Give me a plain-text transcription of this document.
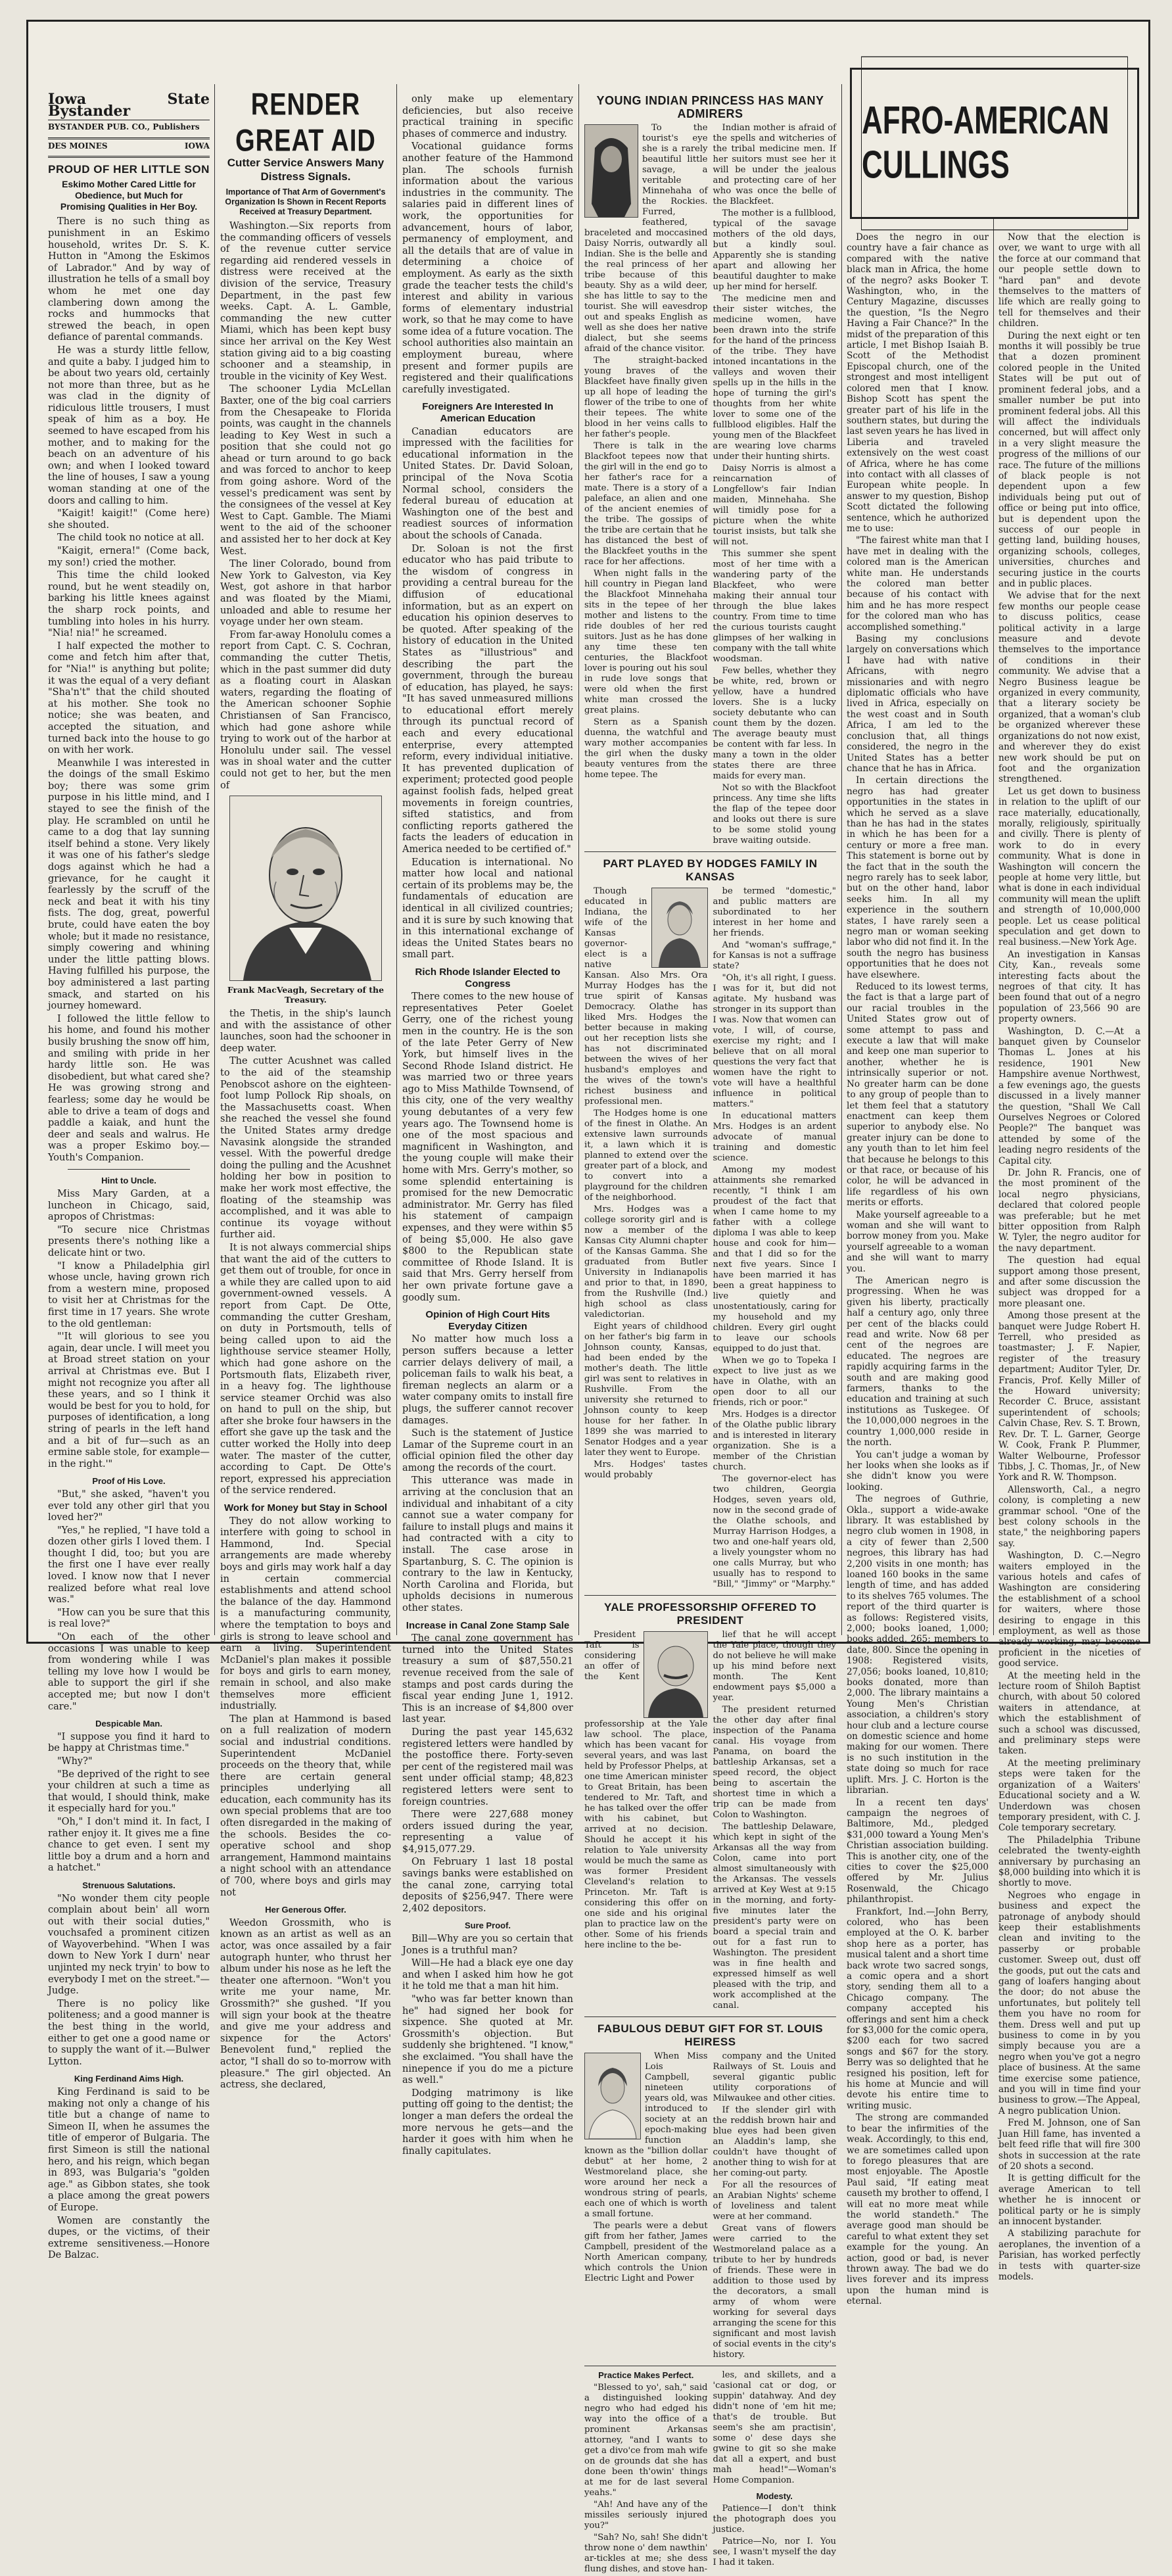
Iowa State Bystander
BYSTANDER PUB. CO., Publishers
DES MOINES	IOWA
PROUD OF HER LITTLE SON
Eskimo Mother Cared Little for Obedience, but Much for Promising Qualities in Her Boy.

There is no such thing as punishment in an Eskimo household, writes Dr. S. K. Hutton in "Among the Eskimos of Labrador." And by way of illustration he tells of a small boy whom he met one day clambering down among the rocks and hummocks that strewed the beach, in open defiance of parental commands.

He was a sturdy little fellow, and quite a baby. I judged him to be about two years old, certainly not more than three, but as he was clad in the dignity of ridiculous little trousers, I must speak of him as a boy. He seemed to have escaped from his mother, and to making for the beach on an adventure of his own; and when I looked toward the line of houses, I saw a young woman standing at one of the doors and calling to him.

"Kaigit! kaigit!" (Come here) she shouted.

The child took no notice at all.

"Kaigit, ernera!" (Come back, my son!) cried the mother.

This time the child looked round, but he went steadily on, barking his little knees against the sharp rock points, and tumbling into holes in his hurry. "Nia! nia!" he screamed.

I half expected the mother to come and fetch him after that, for "Nia!" is anything but polite; it was the equal of a very defiant "Sha'n't" that the child shouted at his mother. She took no notice; she was beaten, and accepted the situation, and turned back into the house to go on with her work.

Meanwhile I was interested in the doings of the small Eskimo boy; there was some grim purpose in his little mind, and I stayed to see the finish of the play. He scrambled on until he came to a dog that lay sunning itself behind a stone. Very likely it was one of his father's sledge dogs against which he had a grievance, for he caught it fearlessly by the scruff of the neck and beat it with his tiny fists. The dog, great, powerful brute, could have eaten the boy whole; but it made no resistance, simply cowering and whining under the little patting blows. Having fulfilled his purpose, the boy administered a last parting smack, and started on his journey homeward.

I followed the little fellow to his home, and found his mother busily brushing the snow off him, and smiling with pride in her hardy little son. He was disobedient, but what cared she? He was growing strong and fearless; some day he would be able to drive a team of dogs and paddle a kaiak, and hunt the deer and seals and walrus. He was a proper Eskimo boy.—Youth's Companion.

Hint to Uncle.

Miss Mary Garden, at a luncheon in Chicago, said, apropos of Christmas:

"To secure nice Christmas presents there's nothing like a delicate hint or two.

"I know a Philadelphia girl whose uncle, having grown rich from a western mine, proposed to visit her at Christmas for the first time in 17 years. She wrote to the old gentleman:

"'It will glorious to see you again, dear uncle. I will meet you at Broad street station on your arrival at Christmas eve. But I might not recognize you after all these years, and so I think it would be best for you to hold, for purposes of identification, a long string of pearls in the left hand and a bit of fur—such as an ermine sable stole, for example—in the right.'"

Proof of His Love.

"But," she asked, "haven't you ever told any other girl that you loved her?"

"Yes," he replied, "I have told a dozen other girls I loved them. I thought I did, too; but you are the first one I have ever really loved. I know now that I never realized before what real love was."

"How can you be sure that this is real love?"

"On each of the other occasions I was unable to keep from wondering while I was telling my love how I would be able to support the girl if she accepted me; but now I don't care."

Despicable Man.

"I suppose you find it hard to be happy at Christmas time."

"Why?"

"Be deprived of the right to see your children at such a time as that would, I should think, make it especially hard for you."

"Oh," I don't mind it. In fact, I rather enjoy it. It gives me a fine chance to get even. I sent my little boy a drum and a horn and a hatchet."

Strenuous Salutations.

"No wonder them city people complain about bein' all worn out with their social duties," vouchsafed a prominent citizen of Wayoverbehind. "When I was down to New York I durn' near unjinted my neck tryin' to bow to everybody I met on the street."—Judge.

There is no policy like politeness; and a good manner is the best thing in the world, either to get one a good name or to supply the want of it.—Bulwer Lytton.

King Ferdinand Aims High.

King Ferdinand is said to be making not only a change of his title but a change of name to Simeon II, when he assumes the title of emperor of Bulgaria. The first Simeon is still the national hero, and his reign, which began in 893, was Bulgaria's "golden age." as Gibbon states, she took a place among the great powers of Europe.

Women are constantly the dupes, or the victims, of their extreme sensitiveness.—Honore De Balzac.

RENDER GREAT AID
Cutter Service Answers Many Distress Signals.
Importance of That Arm of Government's Organization Is Shown in Recent Reports Received at Treasury Department.

Washington.—Six reports from the commanding officers of vessels of the revenue cutter service regarding aid rendered vessels in distress were received at the division of the service, Treasury Department, in the past few weeks. Capt. A. L. Gamble, commanding the new cutter Miami, which has been kept busy since her arrival on the Key West station giving aid to a big coasting schooner and a steamship, in trouble in the vicinity of Key West.

The schooner Lydia McLellan Baxter, one of the big coal carriers from the Chesapeake to Florida points, was caught in the channels leading to Key West in such a position that she could not go ahead or turn around to go back and was forced to anchor to keep from going ashore. Word of the vessel's predicament was sent by the consignees of the vessel at Key West to Capt. Gamble. The Miami went to the aid of the schooner and assisted her to her dock at Key West.

The liner Colorado, bound from New York to Galveston, via Key West, got ashore in that harbor and was floated by the Miami, unloaded and able to resume her voyage under her own steam.

From far-away Honolulu comes a report from Capt. C. S. Cochran, commanding the cutter Thetis, which in the past summer did duty as a floating court in Alaskan waters, regarding the floating of the American schooner Sophie Christiansen of San Francisco, which had gone ashore while trying to work out of the harbor at Honolulu under sail. The vessel was in shoal water and the cutter could not get to her, but the men of

Frank MacVeagh, Secretary of the Treasury.

the Thetis, in the ship's launch and with the assistance of other launches, soon had the schooner in deep water.

The cutter Acushnet was called to the aid of the steamship Penobscot ashore on the eighteen-foot lump Pollock Rip shoals, on the Massachusetts coast. When she reached the vessel she found the United States army dredge Navasink alongside the stranded vessel. With the powerful dredge doing the pulling and the Acushnet holding her bow in position to make her work most effective, the floating of the steamship was accomplished, and it was able to continue its voyage without further aid.

It is not always commercial ships that want the aid of the cutters to get them out of trouble, for once in a while they are called upon to aid government-owned vessels. A report from Capt. De Otte, commanding the cutter Gresham, on duty in Portsmouth, tells of being called upon to aid the lighthouse service steamer Holly, which had gone ashore on the Portsmouth flats, Elizabeth river, in a heavy fog. The lighthouse service steamer Orchid was also on hand to pull on the ship, but after she broke four hawsers in the effort she gave up the task and the cutter worked the Holly into deep water. The master of the cutter, according to Capt. De Otte's report, expressed his appreciation of the service rendered.

Work for Money but Stay in School

They do not allow working to interfere with going to school in Hammond, Ind. Special arrangements are made whereby boys and girls may work half a day in certain commercial establishments and attend school the balance of the day. Hammond is a manufacturing community, where the temptation to boys and girls is strong to leave school and earn a living. Superintendent McDaniel's plan makes it possible for boys and girls to earn money, remain in school, and also make themselves more efficient industrially.

The plan at Hammond is based on a full realization of modern social and industrial conditions. Superintendent McDaniel proceeds on the theory that, while there are certain general principles underlying all education, each community has its own special problems that are too often disregarded in the making of the schools. Besides the co-operative school and shop arrangement, Hammond maintains a night school with an attendance of 700, where boys and girls may not

Her Generous Offer.

Weedon Grossmith, who is known as an artist as well as an actor, was once assailed by a fair autograph hunter, who thrust her album under his nose as he left the theater one afternoon. "Won't you write me your name, Mr. Grossmith?" she gushed. "If you will sign your book at the theatre and give me your address and sixpence for the Actors' Benevolent fund," replied the actor, "I shall do so to-morrow with pleasure." The girl objected. An actress, she declared,

only make up elementary deficiencies, but also receive practical training in specific phases of commerce and industry.

Vocational guidance forms another feature of the Hammond plan. The schools furnish information about the various industries in the community. The salaries paid in different lines of work, the opportunities for advancement, hours of labor, permanency of employment, and all the details that are of value in determining a choice of employment. As early as the sixth grade the teacher tests the child's interest and ability in various forms of elementary industrial work, so that he may come to have some idea of a future vocation. The school authorities also maintain an employment bureau, where present and former pupils are registered and their qualifications carefully investigated.

Foreigners Are Interested In American Education

Canadian educators are impressed with the facilities for educational information in the United States. Dr. David Soloan, principal of the Nova Scotia Normal school, considers the federal bureau of education at Washington one of the best and readiest sources of information about the schools of Canada.

Dr. Soloan is not the first educator who has paid tribute to the wisdom of congress in providing a central bureau for the diffusion of educational information, but as an expert on education his opinion deserves to be quoted. After speaking of the history of education in the United States as "illustrious" and describing the part the government, through the bureau of education, has played, he says: "It has saved unmeasured millions to educational effort merely through its punctual record of each and every educational enterprise, every attempted reform, every individual initiative. It has prevented duplication of experiment; protected good people against foolish fads, helped great movements in foreign countries, sifted statistics, and from conflicting reports gathered the facts the leaders of education in America needed to be certified of."

Education is international. No matter how local and national certain of its problems may be, the fundamentals of education are identical in all civilized countries; and it is sure by such knowing that in this international exchange of ideas the United States bears no small part.

Rich Rhode Islander Elected to Congress

There comes to the new house of representatives Peter Goelet Gerry, one of the richest young men in the country. He is the son of the late Peter Gerry of New York, but himself lives in the Second Rhode Island district. He was married two or three years ago to Miss Mathilde Townsend, of this city, one of the very wealthy young debutantes of a very few years ago. The Townsend home is one of the most spacious and magnificent in Washington, and the young couple will make their home with Mrs. Gerry's mother, so some splendid entertaining is promised for the new Democratic administrator. Mr. Gerry has filed his statement of campaign expenses, and they were within $5 of being $5,000. He also gave $800 to the Republican state committee of Rhode Island. It is said that Mrs. Gerry herself from her own private fortune gave a goodly sum.

Opinion of High Court Hits Everyday Citizen

No matter how much loss a person suffers because a letter carrier delays delivery of mail, a policeman fails to walk his beat, a fireman neglects an alarm or a water company omits to install fire plugs, the sufferer cannot recover damages.

Such is the statement of Justice Lamar of the Supreme court in an official opinion filed the other day among the records of the court.

This utterance was made in arriving at the conclusion that an individual and inhabitant of a city cannot sue a water company for failure to install plugs and mains it had contracted with a city to install. The case arose in Spartanburg, S. C. The opinion is contrary to the law in Kentucky, North Carolina and Florida, but upholds decisions in numerous other states.

Increase in Canal Zone Stamp Sale

The canal zone government has turned into the United States treasury a sum of $87,550.21 revenue received from the sale of stamps and post cards during the fiscal year ending June 1, 1912. This is an increase of $4,800 over last year.

During the past year 145,632 registered letters were handled by the postoffice there. Forty-seven per cent of the registered mail was sent under official stamp; 48,823 registered letters were sent to foreign countries.

There were 227,688 money orders issued during the year, representing a value of $4,915,077.29.

On February 1 last 18 postal savings banks were established on the canal zone, carrying total deposits of $256,947. There were 2,402 depositors.

Sure Proof.

Bill—Why are you so certain that Jones is a truthful man?

Will—He had a black eye one day and when I asked him how he got it he told me that a man hit him.

"who was far better known than he" had signed her book for sixpence. She quoted at Mr. Grossmith's objection. But suddenly she brightened. "I know," she exclaimed. "You shall have the ninepence if you do me a picture as well."

Dodging matrimony is like putting off going to the dentist; the longer a man defers the ordeal the more nervous he gets—and the harder it goes with him when he finally capitulates.

YOUNG INDIAN PRINCESS HAS MANY ADMIRERS

To the tourist's eye she is a rarely beautiful little savage, a veritable Minnehaha of the Rockies. Furred, feathered, braceleted and moccasined Daisy Norris, outwardly all Indian. She is the belle and the real princess of her tribe because of this beauty. Shy as a wild deer, she has little to say to the tourist. She will eavesdrop out and speaks English as well as she does her native dialect, but she seems afraid of the chance visitor.

The straight-backed young braves of the Blackfeet have finally given up all hope of leading the flower of the tribe to one of their tepees. The white blood in her veins calls to her father's people.

There is talk in the Blackfoot tepees now that the girl will in the end go to her father's race for a mate. There is a story of a paleface, an alien and one of the ancient enemies of the tribe. The gossips of the tribe are certain that he has distanced the best of the Blackfeet youths in the race for her affections.

When night falls in the hill country in Piegan land the Blackfoot Minnehaha sits in the tepee of her mother and listens to the ride doubles of her red suitors. Just as he has done any time these ten centuries, the Blackfoot lover is pouring out his soul in rude love songs that were old when the first white man crossed the great plains.

Stern as a Spanish duenna, the watchful and wary mother accompanies the girl when the dusky beauty ventures from the home tepee. The

Indian mother is afraid of the spells and witcheries of the tribal medicine men. If her suitors must see her it will be under the jealous and protecting care of her who was once the belle of the Blackfeet.

The mother is a fullblood, typical of the savage mothers of the old days, but a kindly soul. Apparently she is standing apart and allowing her beautiful daughter to make up her mind for herself.

The medicine men and their sister witches, the medicine women, have been drawn into the strife for the hand of the princess of the tribe. They have intoned incantations in the valleys and woven their spells up in the hills in the hope of turning the girl's thoughts from her white lover to some one of the fullblood eligibles. Half the young men of the Blackfeet are wearing love charms under their hunting shirts.

Daisy Norris is almost a reincarnation of Longfellow's fair Indian maiden, Minnehaha. She will timidly pose for a picture when the white tourist insists, but talk she will not.

This summer she spent most of her time with a wandering party of the Blackfeet, who were making their annual tour through the blue lakes country. From time to time the curious tourists caught glimpses of her walking in company with the tall white woodsman.

Few belles, whether they be white, red, brown or yellow, have a hundred lovers. She is a lucky society debutante who can count them by the dozen. The average beauty must be content with far less. In many a town in the older states there are three maids for every man.

Not so with the Blackfoot princess. Any time she lifts the flap of the tepee door and looks out there is sure to be some stolid young brave waiting outside.

PART PLAYED BY HODGES FAMILY IN KANSAS

Though educated in Indiana, the wife of the Kansas governor-elect is a native Kansan. Also Mrs. Ora Murray Hodges has the true spirit of Kansas Democracy. Olathe has liked Mrs. Hodges the better because in making out her reception lists she has not discriminated between the wives of her husband's employes and the wives of the town's richest business and professional men.

The Hodges home is one of the finest in Olathe. An extensive lawn surrounds it, a lawn which it is planned to extend over the greater part of a block, and to convert into a playground for the children of the neighborhood.

Mrs. Hodges was a college sorority girl and is now a member of the Kansas City Alumni chapter of the Kansas Gamma. She graduated from Butler University in Indianapolis and prior to that, in 1890, from the Rushville (Ind.) high school as class valedictorian.

Eight years of childhood on her father's big farm in Johnson county, Kansas, had been ended by the mother's death. The little girl was sent to relatives in Rushville. From the university she returned to Johnson county to keep house for her father. In 1899 she was married to Senator Hodges and a year later they went to Europe.

Mrs. Hodges' tastes would probably

be termed "domestic," and public matters are subordinated to her interest in her home and her friends.

And "woman's suffrage," for Kansas is not a suffrage state?

"Oh, it's all right, I guess. I was for it, but did not agitate. My husband was stronger in its support than I was. Now that women can vote, I will, of course, exercise my right; and I believe that on all moral questions the very fact that women have the right to vote will have a healthful influence in political matters."

In educational matters Mrs. Hodges is an ardent advocate of manual training and domestic science.

Among my modest attainments she remarked recently, "I think I am proudest of the fact that when I came home to my father with a college diploma I was able to keep house and cook for him—and that I did so for the next five years. Since I have been married it has been a great happiness to live quietly and unostentatiously, caring for my household and my children. Every girl ought to leave our schools equipped to do just that.

When we go to Topeka I expect to live just as we have in Olathe, with an open door to all our friends, rich or poor."

Mrs. Hodges is a director of the Olathe public library and is interested in literary organization. She is a member of the Christian church.

The governor-elect has two children, Georgia Hodges, seven years old, now in the second grade of the Olathe schools, and Murray Harrison Hodges, a two and one-half years old, a lively youngster whom no one calls Murray, but who usually has to respond to "Bill," "Jimmy" or "Marphy."

YALE PROFESSORSHIP OFFERED TO PRESIDENT

President Taft is considering an offer of the Kent professorship at the Yale law school. The place, which has been vacant for several years, and was last held by Professor Phelps, at one time American minister to Great Britain, has been tendered to Mr. Taft, and he has talked over the offer with his cabinet, but arrived at no decision. Should he accept it his relation to Yale university would be much the same as was former President Cleveland's relation to Princeton. Mr. Taft is considering this offer on one side and his original plan to practice law on the other. Some of his friends here incline to the be-

lief that he will accept the Yale place, though they do not believe he will make up his mind before next month. The Kent endowment pays $5,000 a year.

The president returned the other day after final inspection of the Panama canal. His voyage from Panama, on board the battleship Arkansas, set a speed record, the object being to ascertain the shortest time in which a trip can be made from Colon to Washington.

The battleship Delaware, which kept in sight of the Arkansas all the way from Colon, came into port almost simultaneously with the Arkansas. The vessels arrived at Key West at 9:15 in the morning, and forty-five minutes later the president's party were on board a special train and out for a fast run to Washington. The president was in fine health and expressed himself as well pleased with the trip, and work accomplished at the canal.

FABULOUS DEBUT GIFT FOR ST. LOUIS HEIRESS

When Miss Lois Campbell, nineteen years old, was introduced to society at an epoch-making function known as the "billion dollar debut" at her home, 2 Westmoreland place, she wore around her neck a wondrous string of pearls, each one of which is worth a small fortune.

The pearls were a debut gift from her father, James Campbell, president of the North American company, which controls the Union Electric Light and Power

company and the United Railways of St. Louis and several gigantic public utility corporations of Milwaukee and other cities.

If the slender girl with the reddish brown hair and blue eyes had been given an Aladdin's lamp, she couldn't have thought of another thing to wish for at her coming-out party.

For all the resources of an Arabian Nights' scheme of loveliness and talent were at her command.

Great vans of flowers were carried to the Westmoreland palace as a tribute to her by hundreds of friends. These were in addition to those used by the decorators, a small army of whom were working for several days arranging the scene for this significant and most lavish of social events in the city's history.

Practice Makes Perfect.

"Blessed to yo', sah," said a distinguished looking negro who had edged his way into the office of a prominent Arkansas attorney, "and I wants to get a divo'ce from mah wife on de grounds dat she has done been th'owin' things at me for de last several yeahs."

"Ah! And have any of the missiles seriously injured you?"

"Sah? No, sah! She didn't throw none o' dem nawthin' ar-tickles at me; she dess flung dishes, and stove han-

les, and skillets, and a 'casional cat or dog, or suppin' datahway. And dey didn't none of 'em hit me; that's de trouble. But seem's she am practisin', some o' dese days she gwine to git so she make dat all a expert, and bust mah head!"—Woman's Home Companion.

Modesty.

Patience—I don't think the photograph does you justice.

Patrice—No, nor I. You see, I wasn't myself the day I had it taken.

AFRO-AMERICAN CULLINGS

Does the negro in our country have a fair chance as compared with the native black man in Africa, the home of the negro? asks Booker T. Washington, who, in the Century Magazine, discusses the question, "Is the Negro Having a Fair Chance?" In the midst of the preparation of this article, I met Bishop Isaiah B. Scott of the Methodist Episcopal church, one of the strongest and most intelligent colored men that I know. Bishop Scott has spent the greater part of his life in the southern states, but during the last seven years he has lived in Liberia and traveled extensively on the west coast of Africa, where he has come into contact with all classes of European white people. In answer to my question, Bishop Scott dictated the following sentence, which he authorized me to use:

"The fairest white man that I have met in dealing with the colored man is the American white man. He understands the colored man better because of his contact with him and he has more respect for the colored man who has accomplished something."

Basing my conclusions largely on conversations which I have had with native Africans, with negro missionaries and with negro diplomatic officials who have lived in Africa, especially on the west coast and in South Africa, I am led to the conclusion that, all things considered, the negro in the United States has a better chance that he has in Africa.

In certain directions the negro has had greater opportunities in the states in which he served as a slave than he has had in the states in which he has been for a century or more a free man. This statement is borne out by the fact that in the south the negro rarely has to seek labor, but on the other hand, labor seeks him. In all my experience in the southern states, I have rarely seen a negro man or woman seeking labor who did not find it. In the south the negro has business opportunities that he does not have elsewhere.

Reduced to its lowest terms, the fact is that a large part of our racial troubles in the United States grow out of some attempt to pass and execute a law that will make and keep one man superior to another, whether he is intrinsically superior or not. No greater harm can be done to any group of people than to let them feel that a statutory enactment can keep them superior to anybody else. No greater injury can be done to any youth than to let him feel that because he belongs to this or that race, or because of his color, he will be advanced in life regardless of his own merits or efforts.

Make yourself agreeable to a woman and she will want to borrow money from you. Make yourself agreeable to a woman and she will want to marry you.

The American negro is progressing. When he was given his liberty, practically half a century ago, only three per cent of the blacks could read and write. Now 68 per cent of the negroes are educated. The negroes are rapidly acquiring farms in the south and are making good farmers, thanks to the education and training at such institutions as Tuskegee. Of the 10,000,000 negroes in the country 1,000,000 reside in the north.

You can't judge a woman by her looks when she looks as if she didn't know you were looking.

The negroes of Guthrie, Okla., support a wide-awake library. It was established by negro club women in 1908, in a city of fewer than 2,500 negroes, this library has had 2,200 visits in one month; has loaned 160 books in the same length of time, and has added to its shelves 765 volumes. The report of the third quarter is as follows: Registered visits, 2,000; books loaned, 1,000; books added, 265; members to date, 800. Since the opening in 1908: Registered visits, 27,056; books loaned, 10,810; books donated, more than 2,000. The library maintains a Young Men's Christian association, a children's story hour club and a lecture course on domestic science and home making for our women. There is no such institution in the state doing so much for race uplift. Mrs. J. C. Horton is the librarian.

In a recent ten days' campaign the negroes of Baltimore, Md., pledged $31,000 toward a Young Men's Christian association building. This is another city, one of the cities to cover the $25,000 offered by Mr. Julius Rosenwald, the Chicago philanthropist.

Frankfort, Ind.—John Berry, colored, who has been employed at the O. K. barber shop here as a porter, has musical talent and a short time back wrote two sacred songs, a comic opera and a short story, sending them all to a Chicago company. The company accepted his offerings and sent him a check for $3,000 for the comic opera, $200 each for two sacred songs and $67 for the story. Berry was so delighted that he resigned his position, left for his home at Muncie and will devote his entire time to writing music.

The strong are commanded to bear the infirmities of the weak. Accordingly, to this end, we are sometimes called upon to forego pleasures that are most enjoyable. The Apostle Paul said, "If eating meat causeth my brother to offend, I will eat no more meat while the world standeth." The average good man should be careful to what extent they set example for the young. An action, good or bad, is never thrown away. The bad we do lives forever and its impress upon the human mind is eternal.

Now that the election is over, we want to urge with all the force at our command that our people settle down to "hard pan" and devote themselves to the matters of life which are really going to tell for themselves and their children.

During the next eight or ten months it will possibly be true that a dozen prominent colored people in the United States will be put out of prominent federal jobs, and a smaller number be put into prominent federal jobs. All this will affect the individuals concerned, but will affect only in a very slight measure the progress of the millions of our race. The future of the millions of black people is not dependent upon a few individuals being put out of office or being put into office, but is dependent upon the success of our people in getting land, building houses, organizing schools, colleges, universities, churches and securing justice in the courts and in public places.

We advise that for the next few months our people cease to discuss politics, cease political activity in a large measure and devote themselves to the importance of conditions in their community. We advise that a Negro Business league be organized in every community, that a literary society be organized, that a woman's club be organized wherever these organizations do not now exist, and wherever they do exist new work should be put on foot and the organization strengthened.

Let us get down to business in relation to the uplift of our race materially, educationally, morally, religiously, spiritually and civilly. There is plenty of work to do in every community. What is done in Washington will concern the people at home very little, but what is done in each individual community will mean the uplift and strength of 10,000,000 people. Let us cease political speculation and get down to real business.—New York Age.

An investigation in Kansas City, Kan., reveals some interesting facts about the negroes of that city. It has been found that out of a negro population of 23,566 90 are property owners.

Washington, D. C.—At a banquet given by Counselor Thomas L. Jones at his residence, 1901 New Hampshire avenue Northwest, a few evenings ago, the guests discussed in a lively manner the question, "Shall We Call Ourselves Negroes or Colored People?" The banquet was attended by some of the leading negro residents of the Capital city.

Dr. John R. Francis, one of the most prominent of the local negro physicians, declared that colored people was preferable; but he met bitter opposition from Ralph W. Tyler, the negro auditor for the navy department.

The question had equal support among those present, and after some discussion the subject was dropped for a more pleasant one.

Among those present at the banquet were Judge Robert H. Terrell, who presided as toastmaster; J. F. Napier, register of the treasury department; Auditor Tyler, Dr. Francis, Prof. Kelly Miller of the Howard university; Recorder C. Bruce, assistant superintendent of schools; Calvin Chase, Rev. S. T. Brown, Rev. Dr. T. L. Garner, George W. Cook, Frank P. Plummer, Walter Welbourne, Professor Tibbs, J. C. Thomas, Jr., of New York and R. W. Thompson.

Allensworth, Cal., a negro colony, is completing a new grammar school. "One of the best colony schools in the state," the neighboring papers say.

Washington, D. C.—Negro waiters employed in the various hotels and cafes of Washington are considering the establishment of a school for waiters, where those desiring to engage in this employment, as well as those already working, may become proficient in the niceties of good service.

At the meeting held in the lecture room of Shiloh Baptist church, with about 50 colored waiters in attendance, at which the establishment of such a school was discussed, and preliminary steps were taken.

At the meeting preliminary steps were taken for the organization of a Waiters' Educational society and a W. Underdown was chosen temporary president, with C. J. Cole temporary secretary.

The Philadelphia Tribune celebrated the twenty-eighth anniversary by purchasing an $8,000 building into which it is shortly to move.

Negroes who engage in business and expect the patronage of anybody should keep their establishments clean and inviting to the passerby or probable customer. Sweep out, dust off the goods, put out the cats and gang of loafers hanging about the door; do not abuse the unfortunates, but politely tell them you have no room for them. Dress well and put up business to come in by you simply because you are a negro when you've got a negro place of business. At the same time exercise some patience, and you will in time find your business to grow.—The Appeal, A negro publication Union.

Fred M. Johnson, one of San Juan Hill fame, has invented a belt feed rifle that will fire 300 shots in succession at the rate of 20 shots a second.

It is getting difficult for the average American to tell whether he is innocent or political party or he is simply an innocent bystander.

A stabilizing parachute for aeroplanes, the invention of a Parisian, has worked perfectly in tests with quarter-size models.
